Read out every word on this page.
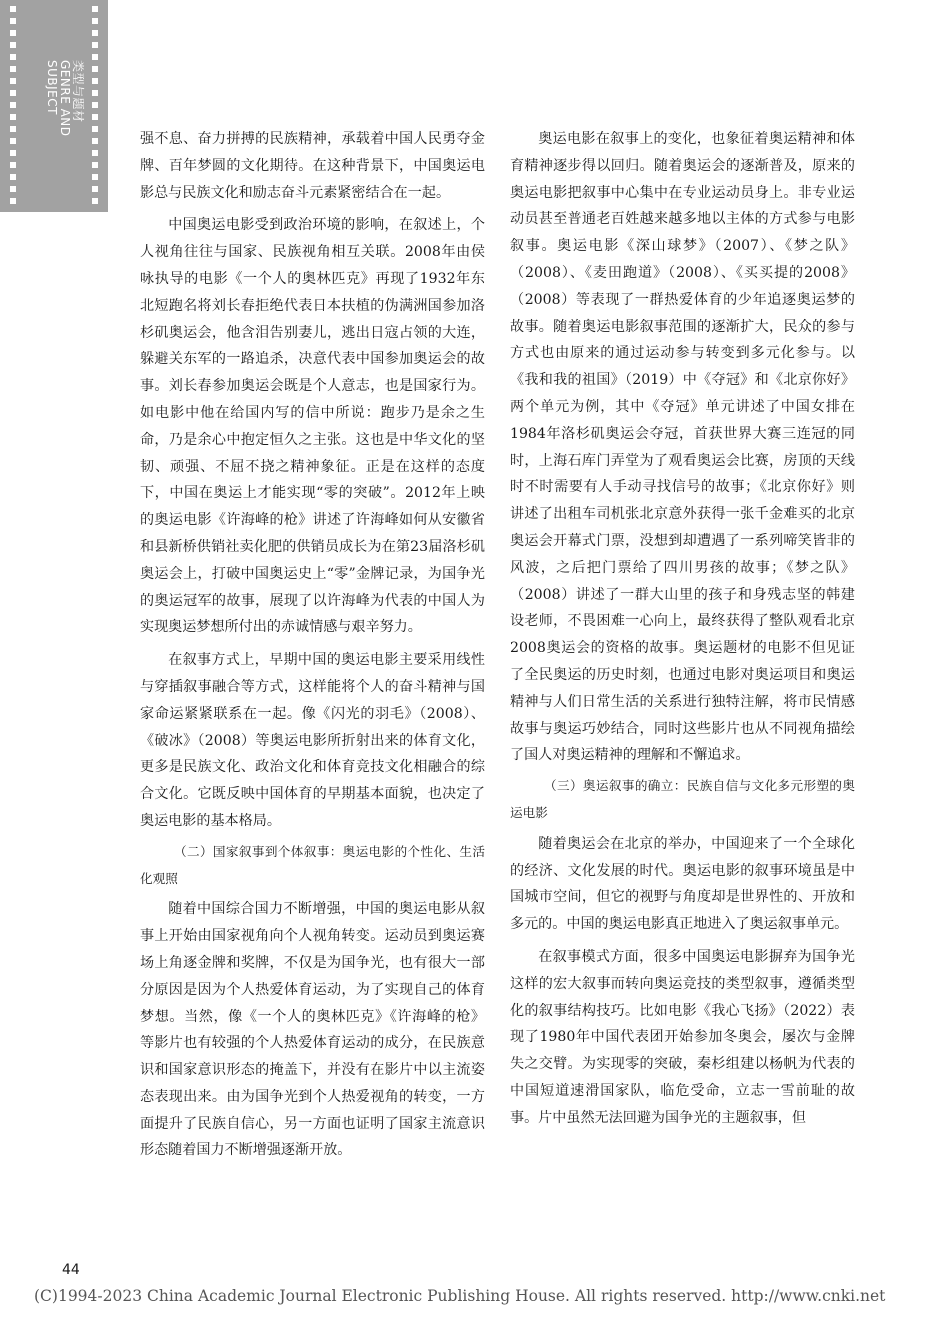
类型与题材
GENRE AND
SUBJECT

强不息、奋力拼搏的民族精神，承载着中国人民勇夺金牌、百年梦圆的文化期待。在这种背景下，中国奥运电影总与民族文化和励志奋斗元素紧密结合在一起。

中国奥运电影受到政治环境的影响，在叙述上，个人视角往往与国家、民族视角相互关联。2008年由侯咏执导的电影《一个人的奥林匹克》再现了1932年东北短跑名将刘长春拒绝代表日本扶植的伪满洲国参加洛杉矶奥运会，他含泪告别妻儿，逃出日寇占领的大连，躲避关东军的一路追杀，决意代表中国参加奥运会的故事。刘长春参加奥运会既是个人意志，也是国家行为。如电影中他在给国内写的信中所说：跑步乃是余之生命，乃是余心中抱定恒久之主张。这也是中华文化的坚韧、顽强、不屈不挠之精神象征。正是在这样的态度下，中国在奥运上才能实现“零的突破”。2012年上映的奥运电影《许海峰的枪》讲述了许海峰如何从安徽省和县新桥供销社卖化肥的供销员成长为在第23届洛杉矶奥运会上，打破中国奥运史上“零”金牌记录，为国争光的奥运冠军的故事，展现了以许海峰为代表的中国人为实现奥运梦想所付出的赤诚情感与艰辛努力。

在叙事方式上，早期中国的奥运电影主要采用线性与穿插叙事融合等方式，这样能将个人的奋斗精神与国家命运紧紧联系在一起。像《闪光的羽毛》（2008）、《破冰》（2008）等奥运电影所折射出来的体育文化，更多是民族文化、政治文化和体育竞技文化相融合的综合文化。它既反映中国体育的早期基本面貌，也决定了奥运电影的基本格局。

（二）国家叙事到个体叙事：奥运电影的个性化、生活化观照

随着中国综合国力不断增强，中国的奥运电影从叙事上开始由国家视角向个人视角转变。运动员到奥运赛场上角逐金牌和奖牌，不仅是为国争光，也有很大一部分原因是因为个人热爱体育运动，为了实现自己的体育梦想。当然，像《一个人的奥林匹克》《许海峰的枪》等影片也有较强的个人热爱体育运动的成分，在民族意识和国家意识形态的掩盖下，并没有在影片中以主流姿态表现出来。由为国争光到个人热爱视角的转变，一方面提升了民族自信心，另一方面也证明了国家主流意识形态随着国力不断增强逐渐开放。

奥运电影在叙事上的变化，也象征着奥运精神和体育精神逐步得以回归。随着奥运会的逐渐普及，原来的奥运电影把叙事中心集中在专业运动员身上。非专业运动员甚至普通老百姓越来越多地以主体的方式参与电影叙事。奥运电影《深山球梦》（2007）、《梦之队》（2008）、《麦田跑道》（2008）、《买买提的2008》（2008）等表现了一群热爱体育的少年追逐奥运梦的故事。随着奥运电影叙事范围的逐渐扩大，民众的参与方式也由原来的通过运动参与转变到多元化参与。以《我和我的祖国》（2019）中《夺冠》和《北京你好》两个单元为例，其中《夺冠》单元讲述了中国女排在1984年洛杉矶奥运会夺冠，首获世界大赛三连冠的同时，上海石库门弄堂为了观看奥运会比赛，房顶的天线时不时需要有人手动寻找信号的故事；《北京你好》则讲述了出租车司机张北京意外获得一张千金难买的北京奥运会开幕式门票，没想到却遭遇了一系列啼笑皆非的风波，之后把门票给了四川男孩的故事；《梦之队》（2008）讲述了一群大山里的孩子和身残志坚的韩建设老师，不畏困难一心向上，最终获得了整队观看北京2008奥运会的资格的故事。奥运题材的电影不但见证了全民奥运的历史时刻，也通过电影对奥运项目和奥运精神与人们日常生活的关系进行独特注解，将市民情感故事与奥运巧妙结合，同时这些影片也从不同视角描绘了国人对奥运精神的理解和不懈追求。

（三）奥运叙事的确立：民族自信与文化多元形塑的奥运电影

随着奥运会在北京的举办，中国迎来了一个全球化的经济、文化发展的时代。奥运电影的叙事环境虽是中国城市空间，但它的视野与角度却是世界性的、开放和多元的。中国的奥运电影真正地进入了奥运叙事单元。

在叙事模式方面，很多中国奥运电影摒弃为国争光这样的宏大叙事而转向奥运竞技的类型叙事，遵循类型化的叙事结构技巧。比如电影《我心飞扬》（2022）表现了1980年中国代表团开始参加冬奥会，屡次与金牌失之交臂。为实现零的突破，秦杉组建以杨帆为代表的中国短道速滑国家队，临危受命，立志一雪前耻的故事。片中虽然无法回避为国争光的主题叙事，但

44
(C)1994-2023 China Academic Journal Electronic Publishing House. All rights reserved. http://www.cnki.net
